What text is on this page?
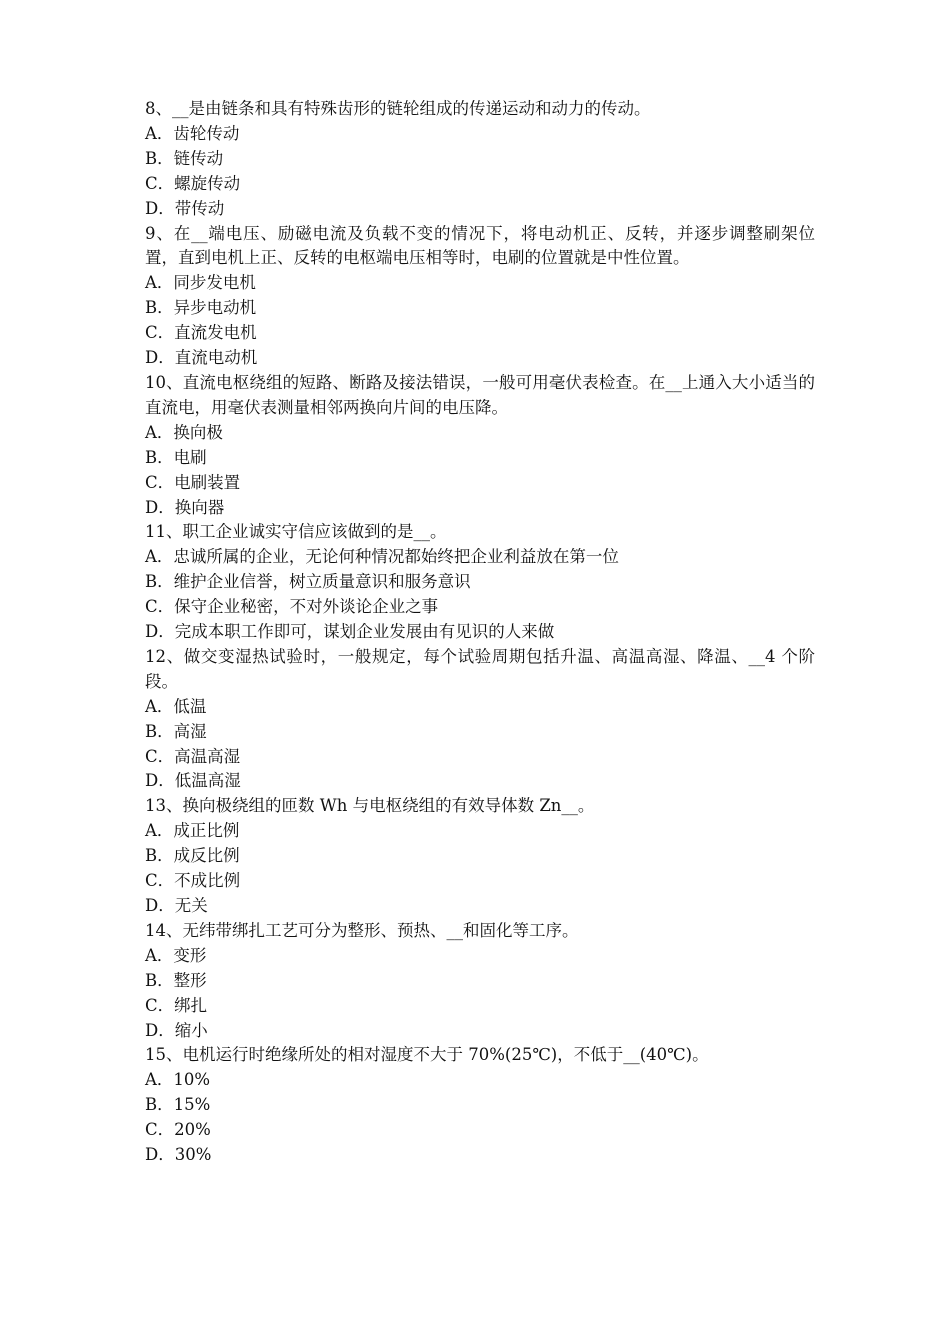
8、__是由链条和具有特殊齿形的链轮组成的传递运动和动力的传动。
A．齿轮传动
B．链传动
C．螺旋传动
D．带传动
9、在__端电压、励磁电流及负载不变的情况下，将电动机正、反转，并逐步调整刷架位置，直到电机上正、反转的电枢端电压相等时，电刷的位置就是中性位置。
A．同步发电机
B．异步电动机
C．直流发电机
D．直流电动机
10、直流电枢绕组的短路、断路及接法错误，一般可用毫伏表检查。在__上通入大小适当的直流电，用毫伏表测量相邻两换向片间的电压降。
A．换向极
B．电刷
C．电刷装置
D．换向器
11、职工企业诚实守信应该做到的是__。
A．忠诚所属的企业，无论何种情况都始终把企业利益放在第一位
B．维护企业信誉，树立质量意识和服务意识
C．保守企业秘密，不对外谈论企业之事
D．完成本职工作即可，谋划企业发展由有见识的人来做
12、做交变湿热试验时，一般规定，每个试验周期包括升温、高温高湿、降温、__4 个阶段。
A．低温
B．高湿
C．高温高湿
D．低温高湿
13、换向极绕组的匝数 Wh 与电枢绕组的有效导体数 Zn__。
A．成正比例
B．成反比例
C．不成比例
D．无关
14、无纬带绑扎工艺可分为整形、预热、__和固化等工序。
A．变形
B．整形
C．绑扎
D．缩小
15、电机运行时绝缘所处的相对湿度不大于 70%(25℃)，不低于__(40℃)。
A．10%
B．15%
C．20%
D．30%
